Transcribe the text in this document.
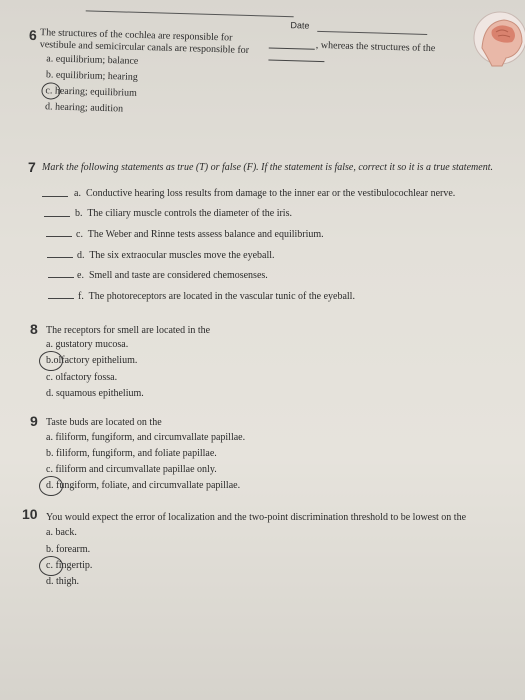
Date
6 The structures of the cochlea are responsible for
, whereas the structures of the
vestibule and semicircular canals are responsible for
a. equilibrium; balance
b. equilibrium; hearing
c. hearing; equilibrium
d. hearing; audition
7 Mark the following statements as true (T) or false (F). If the statement is false, correct it so it is a true statement.
a. Conductive hearing loss results from damage to the inner ear or the vestibulocochlear nerve.
b. The ciliary muscle controls the diameter of the iris.
c. The Weber and Rinne tests assess balance and equilibrium.
d. The six extraocular muscles move the eyeball.
e. Smell and taste are considered chemosenses.
f. The photoreceptors are located in the vascular tunic of the eyeball.
8 The receptors for smell are located in the
a. gustatory mucosa.
b.olfactory epithelium.
c. olfactory fossa.
d. squamous epithelium.
9 Taste buds are located on the
a. filiform, fungiform, and circumvallate papillae.
b. filiform, fungiform, and foliate papillae.
c. filiform and circumvallate papillae only.
d. fungiform, foliate, and circumvallate papillae.
10 You would expect the error of localization and the two-point discrimination threshold to be lowest on the
a. back.
b. forearm.
c. fingertip.
d. thigh.
